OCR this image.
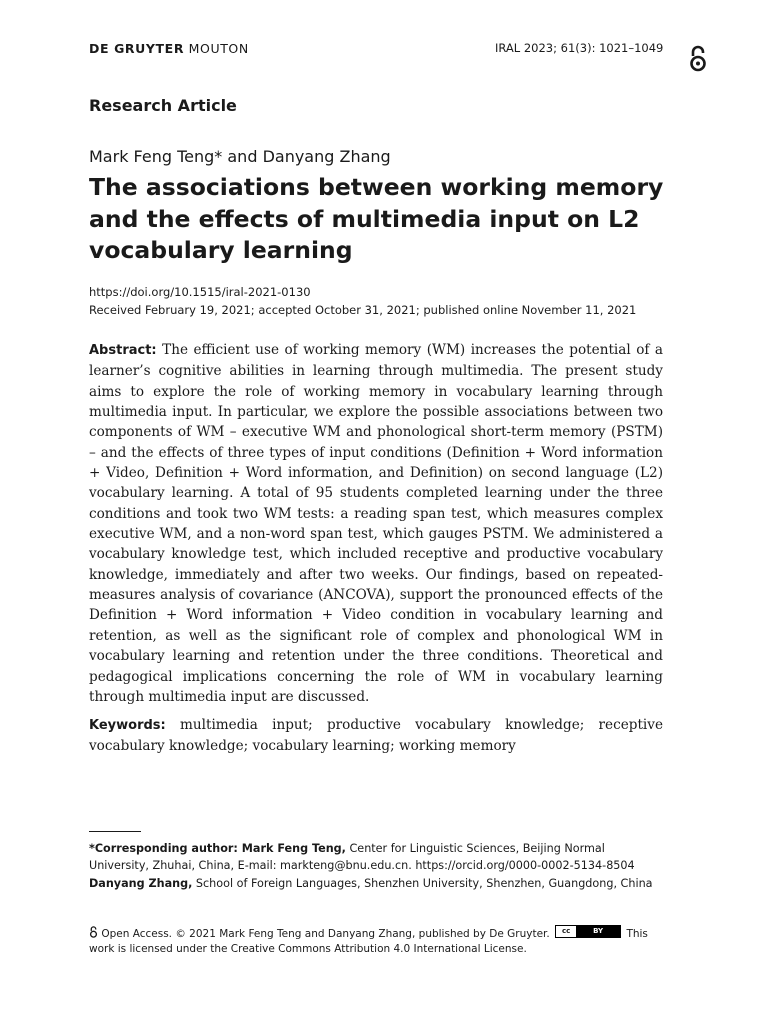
DE GRUYTER MOUTON	IRAL 2023; 61(3): 1021–1049
Research Article
Mark Feng Teng* and Danyang Zhang
The associations between working memory and the effects of multimedia input on L2 vocabulary learning
https://doi.org/10.1515/iral-2021-0130
Received February 19, 2021; accepted October 31, 2021; published online November 11, 2021

Abstract: The efficient use of working memory (WM) increases the potential of a learner’s cognitive abilities in learning through multimedia. The present study aims to explore the role of working memory in vocabulary learning through multimedia input. In particular, we explore the possible associations between two components of WM – executive WM and phonological short-term memory (PSTM) – and the effects of three types of input conditions (Definition + Word information + Video, Definition + Word information, and Definition) on second language (L2) vocabulary learning. A total of 95 students completed learning under the three conditions and took two WM tests: a reading span test, which measures complex executive WM, and a non-word span test, which gauges PSTM. We administered a vocabulary knowledge test, which included receptive and productive vocabulary knowledge, immediately and after two weeks. Our findings, based on repeated-measures analysis of covariance (ANCOVA), support the pronounced effects of the Definition + Word information + Video condition in vocabulary learning and retention, as well as the significant role of complex and phonological WM in vocabulary learning and retention under the three conditions. Theoretical and pedagogical implications concerning the role of WM in vocabulary learning through multimedia input are discussed.

Keywords: multimedia input; productive vocabulary knowledge; receptive vocabulary knowledge; vocabulary learning; working memory

*Corresponding author: Mark Feng Teng, Center for Linguistic Sciences, Beijing Normal University, Zhuhai, China, E-mail: markteng@bnu.edu.cn. https://orcid.org/0000-0002-5134-8504

Danyang Zhang, School of Foreign Languages, Shenzhen University, Shenzhen, Guangdong, China

Open Access. © 2021 Mark Feng Teng and Danyang Zhang, published by De Gruyter.	cc	BY	This work is licensed under the Creative Commons Attribution 4.0 International License.
